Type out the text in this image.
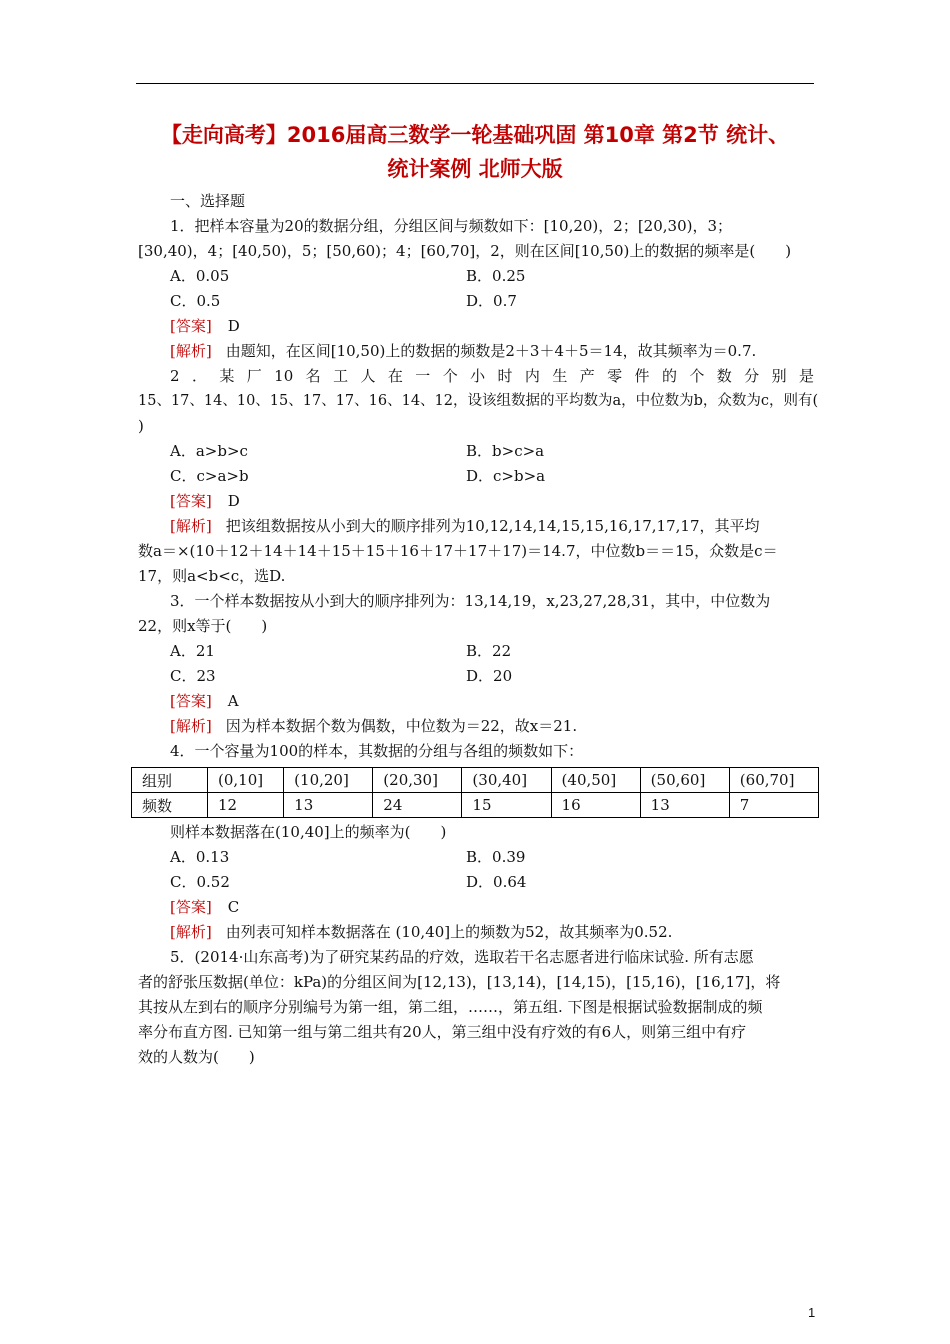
【走向高考】2016届高三数学一轮基础巩固 第10章 第2节 统计、
统计案例 北师大版
一、选择题
1．把样本容量为20的数据分组，分组区间与频数如下：[10,20)，2；[20,30)，3；
[30,40)，4；[40,50)，5；[50,60)；4；[60,70]，2，则在区间[10,50)上的数据的频率是(　　)
A．0.05	B．0.25
C．0.5	D．0.7
[答案] D
[解析] 由题知，在区间[10,50)上的数据的频数是2＋3＋4＋5＝14，故其频率为＝0.7.
2．某厂10名工人在一个小时内生产零件的个数分别是
15、17、14、10、15、17、17、16、14、12，设该组数据的平均数为a，中位数为b，众数为c，则有(
)
A．a>b>c	B．b>c>a
C．c>a>b	D．c>b>a
[答案] D
[解析] 把该组数据按从小到大的顺序排列为10,12,14,14,15,15,16,17,17,17，其平均
数a＝×(10＋12＋14＋14＋15＋15＋16＋17＋17＋17)＝14.7，中位数b＝＝15，众数是c＝
17，则a<b<c，选D.
3．一个样本数据按从小到大的顺序排列为：13,14,19，x,23,27,28,31，其中，中位数为
22，则x等于(　　)
A．21	B．22
C．23	D．20
[答案] A
[解析] 因为样本数据个数为偶数，中位数为＝22，故x＝21.
4．一个容量为100的样本，其数据的分组与各组的频数如下：
组别	(0,10]	(10,20]	(20,30]	(30,40]	(40,50]	(50,60]	(60,70]
频数	12	13	24	15	16	13	7
则样本数据落在(10,40]上的频率为(　　)
A．0.13	B．0.39
C．0.52	D．0.64
[答案] C
[解析] 由列表可知样本数据落在 (10,40]上的频数为52，故其频率为0.52.
5．(2014·山东高考)为了研究某药品的疗效，选取若干名志愿者进行临床试验. 所有志愿
者的舒张压数据(单位：kPa)的分组区间为[12,13)，[13,14)，[14,15)，[15,16)，[16,17]，将
其按从左到右的顺序分别编号为第一组，第二组，……，第五组. 下图是根据试验数据制成的频
率分布直方图. 已知第一组与第二组共有20人，第三组中没有疗效的有6人，则第三组中有疗
效的人数为(　　)
1
